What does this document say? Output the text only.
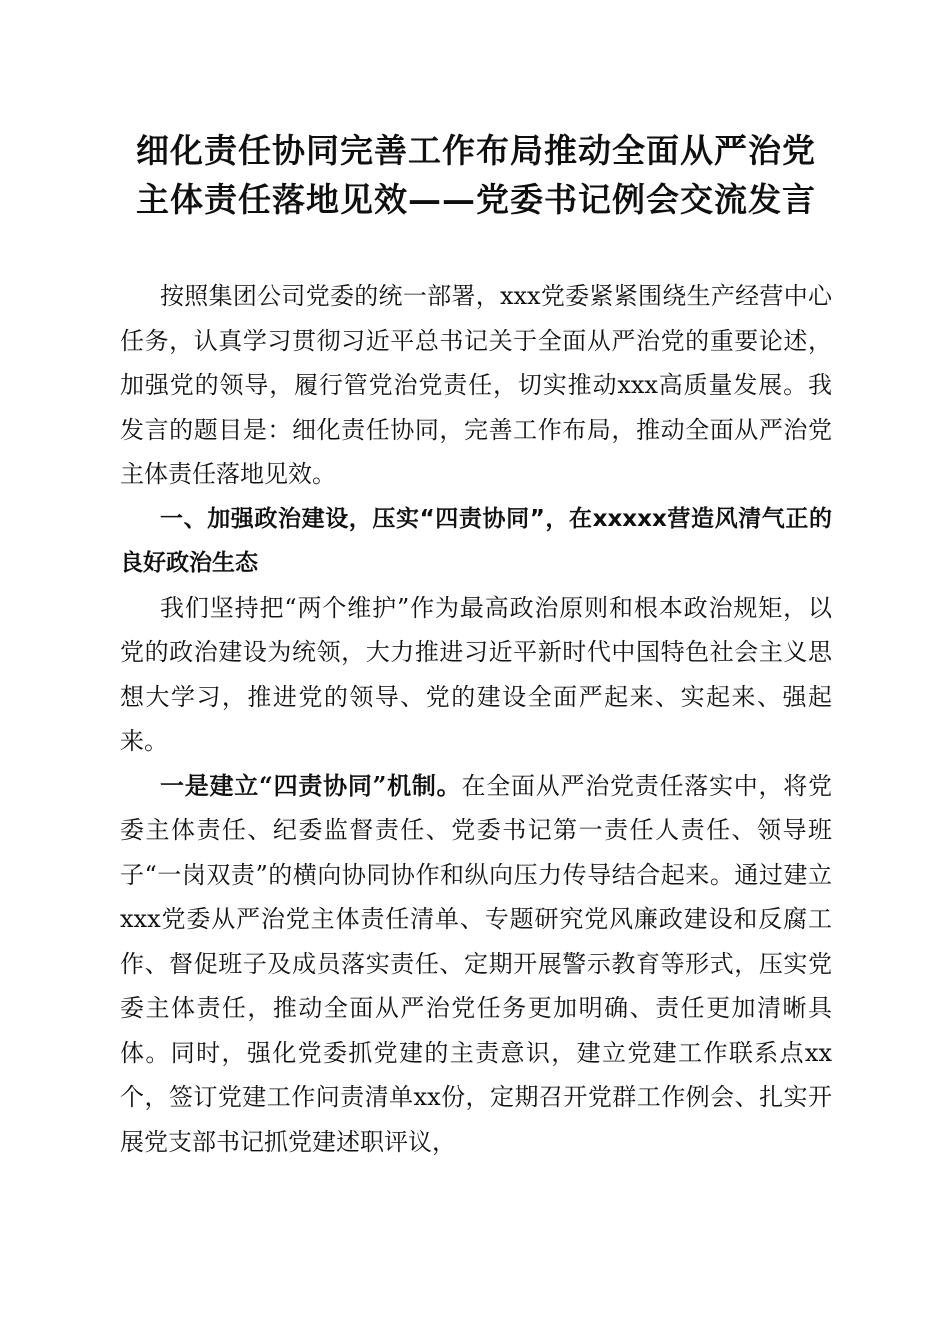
细化责任协同完善工作布局推动全面从严治党
主体责任落地见效——党委书记例会交流发言

按照集团公司党委的统一部署，xxx党委紧紧围绕生产经营中心任务，认真学习贯彻习近平总书记关于全面从严治党的重要论述，加强党的领导，履行管党治党责任，切实推动xxx高质量发展。我发言的题目是：细化责任协同，完善工作布局，推动全面从严治党主体责任落地见效。

一、加强政治建设，压实“四责协同”，在xxxxx营造风清气正的良好政治生态

我们坚持把“两个维护”作为最高政治原则和根本政治规矩，以党的政治建设为统领，大力推进习近平新时代中国特色社会主义思想大学习，推进党的领导、党的建设全面严起来、实起来、强起来。

一是建立“四责协同”机制。在全面从严治党责任落实中，将党委主体责任、纪委监督责任、党委书记第一责任人责任、领导班子“一岗双责”的横向协同协作和纵向压力传导结合起来。通过建立xxx党委从严治党主体责任清单、专题研究党风廉政建设和反腐工作、督促班子及成员落实责任、定期开展警示教育等形式，压实党委主体责任，推动全面从严治党任务更加明确、责任更加清晰具体。同时，强化党委抓党建的主责意识，建立党建工作联系点xx个，签订党建工作问责清单xx份，定期召开党群工作例会、扎实开展党支部书记抓党建述职评议，
